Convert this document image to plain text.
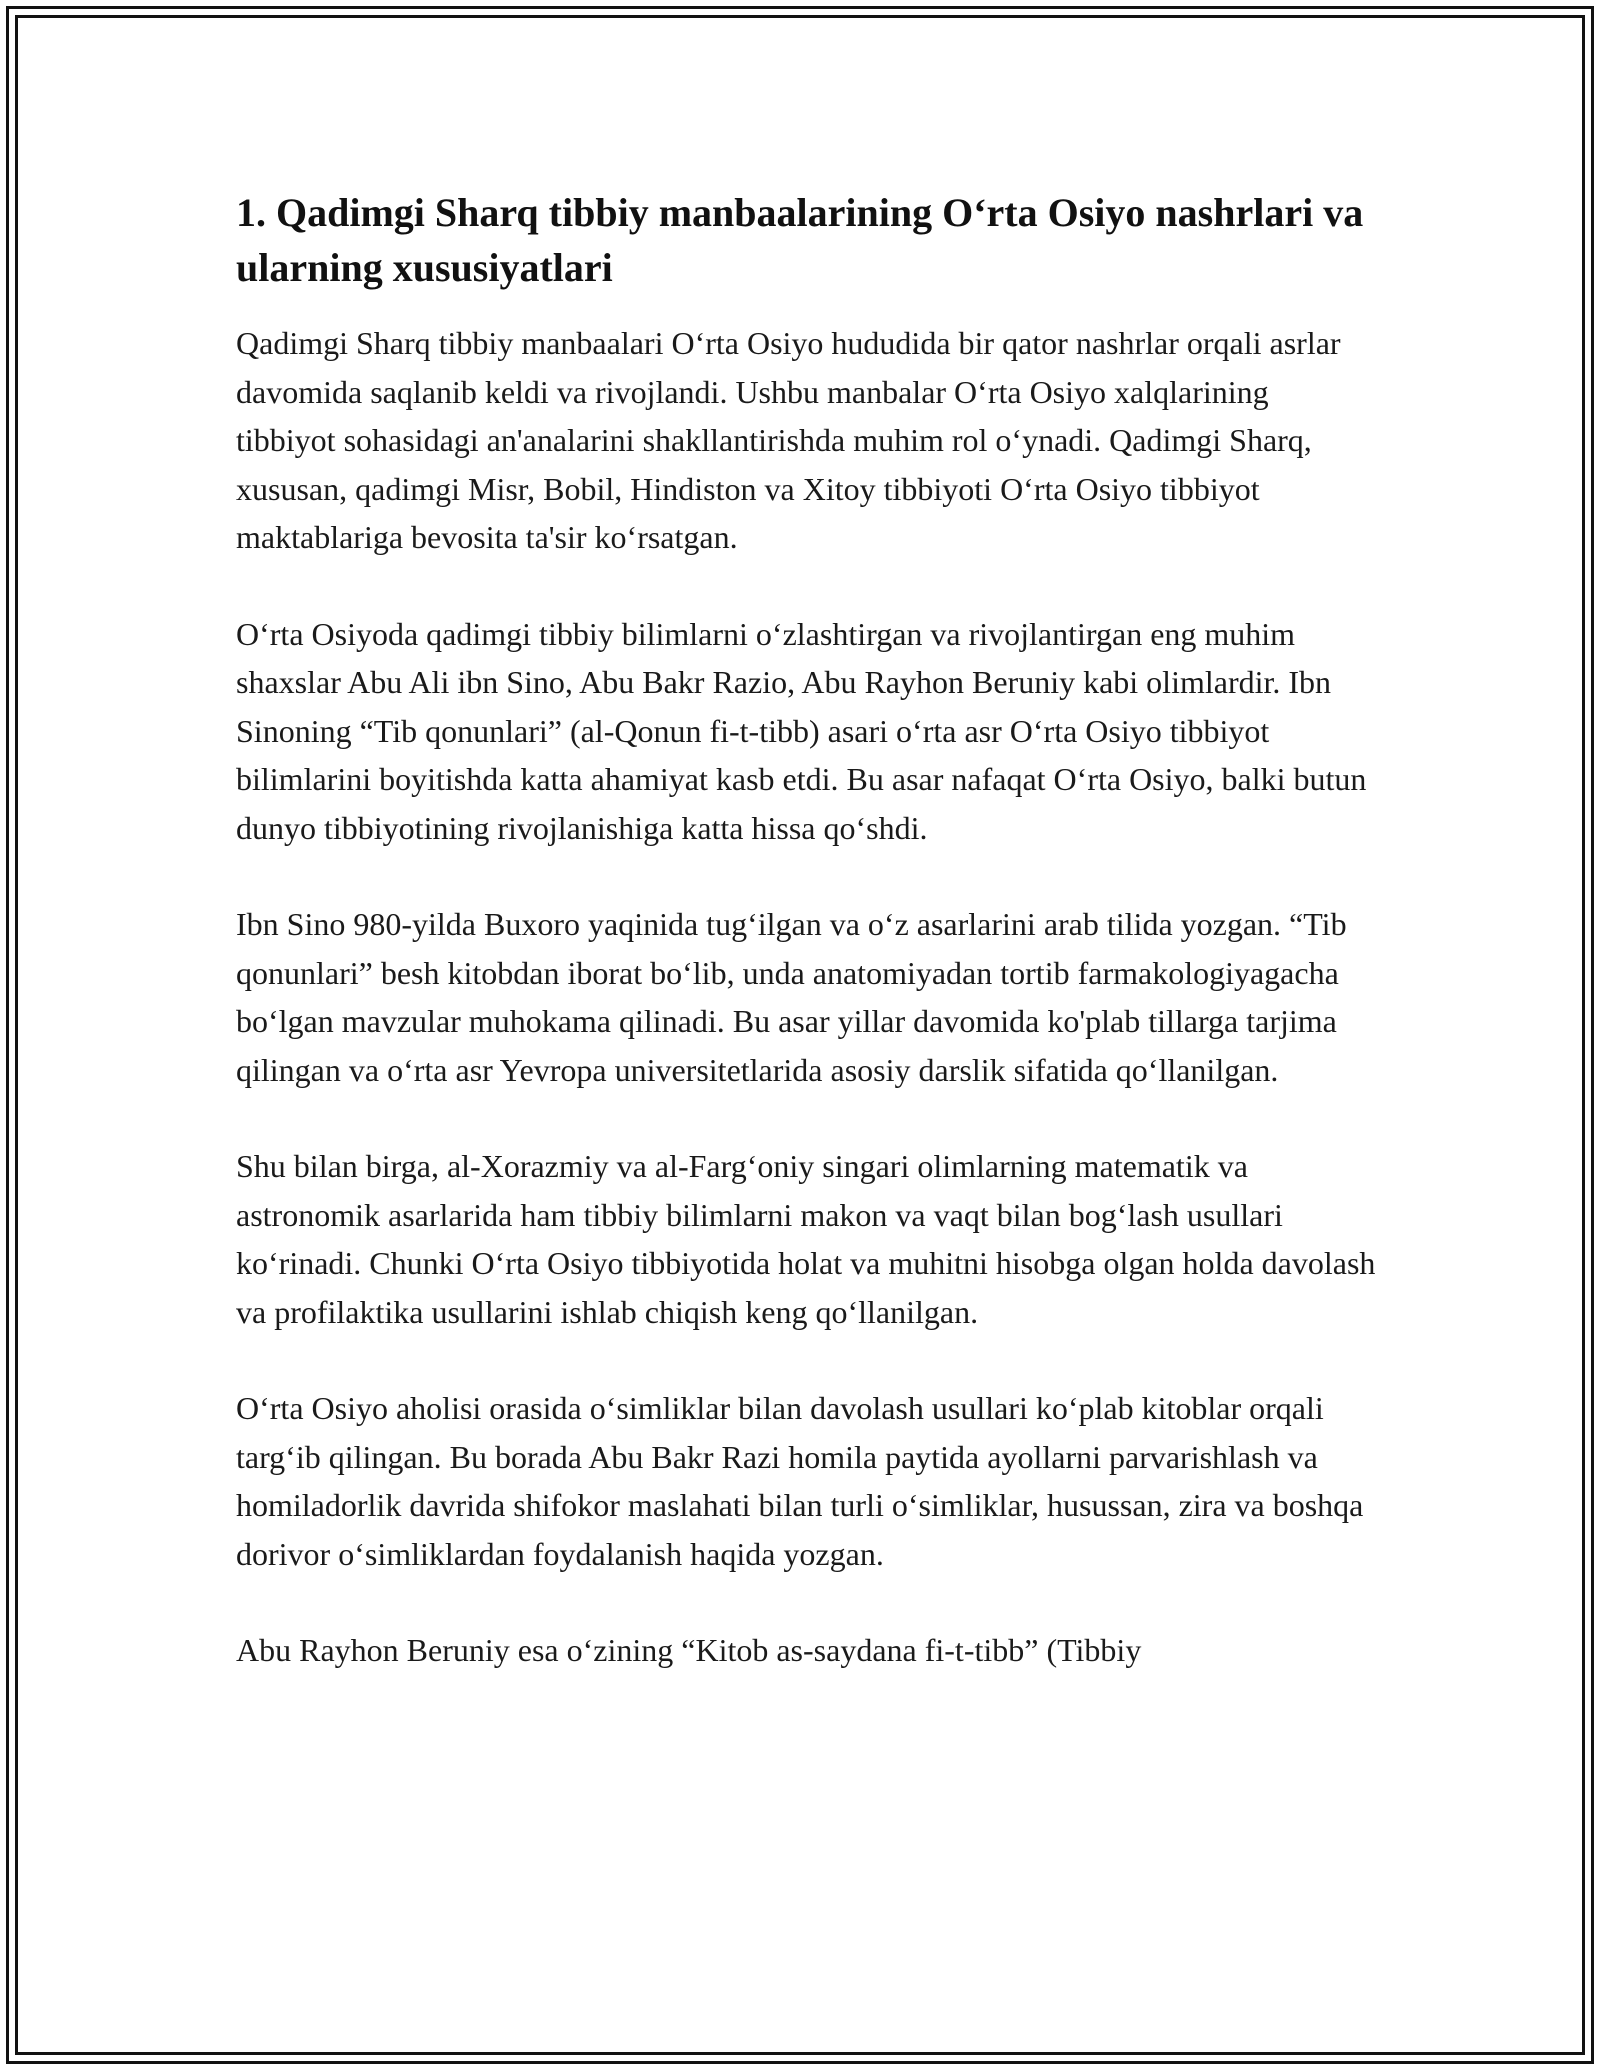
1. Qadimgi Sharq tibbiy manbaalarining O‘rta Osiyo nashrlari va ularning xususiyatlari

Qadimgi Sharq tibbiy manbaalari O‘rta Osiyo hududida bir qator nashrlar orqali asrlar davomida saqlanib keldi va rivojlandi. Ushbu manbalar O‘rta Osiyo xalqlarining tibbiyot sohasidagi an'analarini shakllantirishda muhim rol o‘ynadi. Qadimgi Sharq, xususan, qadimgi Misr, Bobil, Hindiston va Xitoy tibbiyoti O‘rta Osiyo tibbiyot maktablariga bevosita ta'sir ko‘rsatgan.

O‘rta Osiyoda qadimgi tibbiy bilimlarni o‘zlashtirgan va rivojlantirgan eng muhim shaxslar Abu Ali ibn Sino, Abu Bakr Razio, Abu Rayhon Beruniy kabi olimlardir. Ibn Sinoning “Tib qonunlari” (al-Qonun fi-t-tibb) asari o‘rta asr O‘rta Osiyo tibbiyot bilimlarini boyitishda katta ahamiyat kasb etdi. Bu asar nafaqat O‘rta Osiyo, balki butun dunyo tibbiyotining rivojlanishiga katta hissa qo‘shdi.

Ibn Sino 980-yilda Buxoro yaqinida tug‘ilgan va o‘z asarlarini arab tilida yozgan. “Tib qonunlari” besh kitobdan iborat bo‘lib, unda anatomiyadan tortib farmakologiyagacha bo‘lgan mavzular muhokama qilinadi. Bu asar yillar davomida ko'plab tillarga tarjima qilingan va o‘rta asr Yevropa universitetlarida asosiy darslik sifatida qo‘llanilgan.

Shu bilan birga, al-Xorazmiy va al-Farg‘oniy singari olimlarning matematik va astronomik asarlarida ham tibbiy bilimlarni makon va vaqt bilan bog‘lash usullari ko‘rinadi. Chunki O‘rta Osiyo tibbiyotida holat va muhitni hisobga olgan holda davolash va profilaktika usullarini ishlab chiqish keng qo‘llanilgan.

O‘rta Osiyo aholisi orasida o‘simliklar bilan davolash usullari ko‘plab kitoblar orqali targ‘ib qilingan. Bu borada Abu Bakr Razi homila paytida ayollarni parvarishlash va homiladorlik davrida shifokor maslahati bilan turli o‘simliklar, husussan, zira va boshqa dorivor o‘simliklardan foydalanish haqida yozgan.

Abu Rayhon Beruniy esa o‘zining “Kitob as-saydana fi-t-tibb” (Tibbiy
